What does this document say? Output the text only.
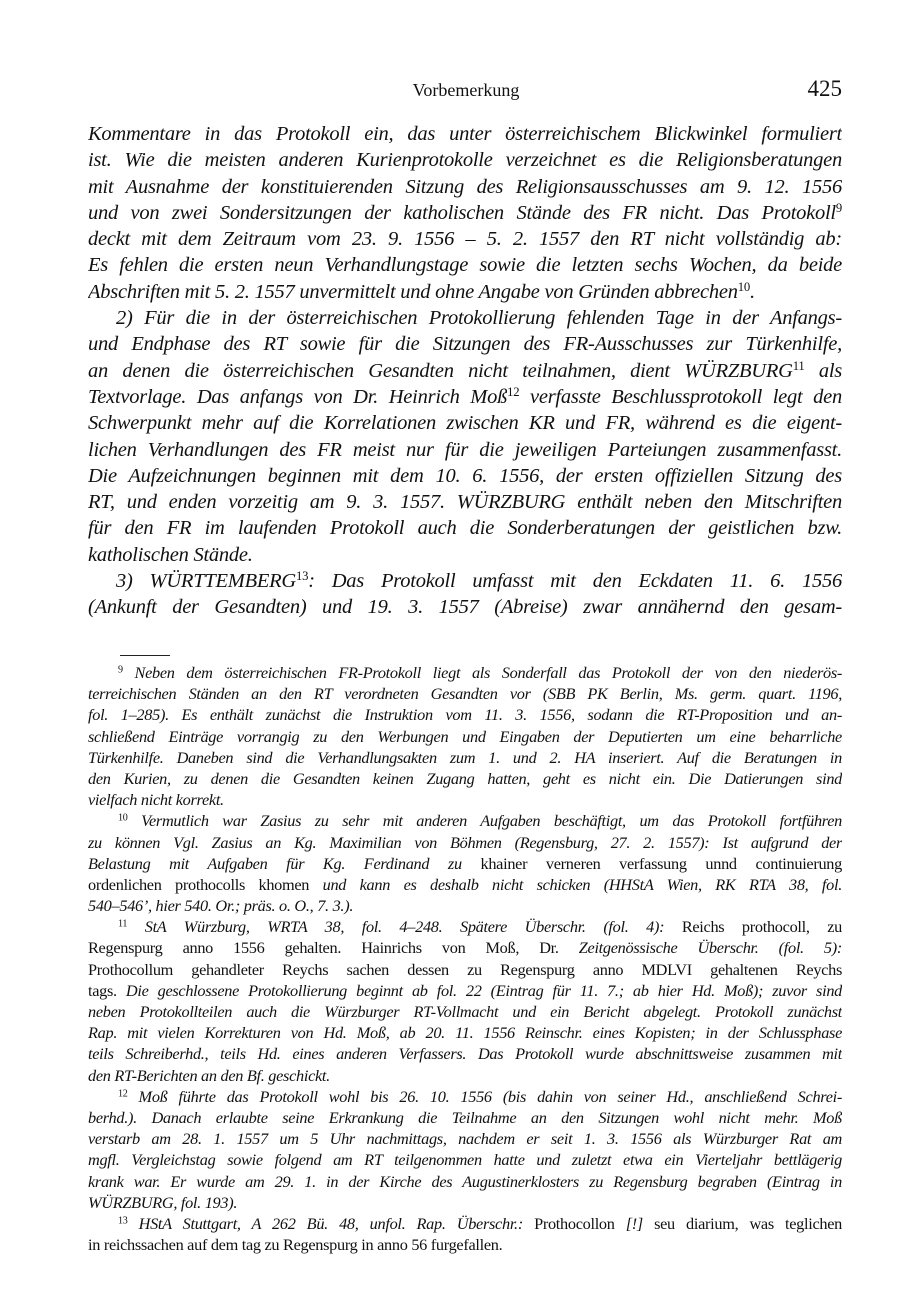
Vorbemerkung	425
Kommentare in das Protokoll ein, das unter österreichischem Blickwinkel formuliert
ist. Wie die meisten anderen Kurienprotokolle verzeichnet es die Religionsberatungen
mit Ausnahme der konstituierenden Sitzung des Religionsausschusses am 9. 12. 1556
und von zwei Sondersitzungen der katholischen Stände des FR nicht. Das Protokoll$^9$
deckt mit dem Zeitraum vom 23. 9. 1556 – 5. 2. 1557 den RT nicht vollständig ab:
Es fehlen die ersten neun Verhandlungstage sowie die letzten sechs Wochen, da beide
Abschriften mit 5. 2. 1557 unvermittelt und ohne Angabe von Gründen abbrechen$^{10}$.
2) Für die in der österreichischen Protokollierung fehlenden Tage in der Anfangs-
und Endphase des RT sowie für die Sitzungen des FR-Ausschusses zur Türkenhilfe,
an denen die österreichischen Gesandten nicht teilnahmen, dient WÜRZBURG$^{11}$ als
Textvorlage. Das anfangs von Dr. Heinrich Moß$^{12}$ verfasste Beschlussprotokoll legt den
Schwerpunkt mehr auf die Korrelationen zwischen KR und FR, während es die eigent-
lichen Verhandlungen des FR meist nur für die jeweiligen Parteiungen zusammenfasst.
Die Aufzeichnungen beginnen mit dem 10. 6. 1556, der ersten offiziellen Sitzung des
RT, und enden vorzeitig am 9. 3. 1557. WÜRZBURG enthält neben den Mitschriften
für den FR im laufenden Protokoll auch die Sonderberatungen der geistlichen bzw.
katholischen Stände.
3) WÜRTTEMBERG$^{13}$: Das Protokoll umfasst mit den Eckdaten 11. 6. 1556
(Ankunft der Gesandten) und 19. 3. 1557 (Abreise) zwar annähernd den gesam-
$^9$ Neben dem österreichischen FR-Protokoll liegt als Sonderfall das Protokoll der von den niederös-
terreichischen Ständen an den RT verordneten Gesandten vor (SBB PK Berlin, Ms. germ. quart. 1196,
fol. 1–285). Es enthält zunächst die Instruktion vom 11. 3. 1556, sodann die RT-Proposition und an-
schließend Einträge vorrangig zu den Werbungen und Eingaben der Deputierten um eine beharrliche
Türkenhilfe. Daneben sind die Verhandlungsakten zum 1. und 2. HA inseriert. Auf die Beratungen in
den Kurien, zu denen die Gesandten keinen Zugang hatten, geht es nicht ein. Die Datierungen sind
vielfach nicht korrekt.
$^{10}$ Vermutlich war Zasius zu sehr mit anderen Aufgaben beschäftigt, um das Protokoll fortführen
zu können Vgl. Zasius an Kg. Maximilian von Böhmen (Regensburg, 27. 2. 1557): Ist aufgrund der
Belastung mit Aufgaben für Kg. Ferdinand zu khainer verneren verfassung unnd continuierung
ordenlichen prothocolls khomen und kann es deshalb nicht schicken (HHStA Wien, RK RTA 38, fol.
540–546’, hier 540. Or.; präs. o. O., 7. 3.).
$^{11}$ StA Würzburg, WRTA 38, fol. 4–248. Spätere Überschr. (fol. 4): Reichs prothocoll, zu
Regenspurg anno 1556 gehalten. Hainrichs von Moß, Dr. Zeitgenössische Überschr. (fol. 5):
Prothocollum gehandleter Reychs sachen dessen zu Regenspurg anno MDLVI gehaltenen Reychs
tags. Die geschlossene Protokollierung beginnt ab fol. 22 (Eintrag für 11. 7.; ab hier Hd. Moß); zuvor sind
neben Protokollteilen auch die Würzburger RT-Vollmacht und ein Bericht abgelegt. Protokoll zunächst
Rap. mit vielen Korrekturen von Hd. Moß, ab 20. 11. 1556 Reinschr. eines Kopisten; in der Schlussphase
teils Schreiberhd., teils Hd. eines anderen Verfassers. Das Protokoll wurde abschnittsweise zusammen mit
den RT-Berichten an den Bf. geschickt.
$^{12}$ Moß führte das Protokoll wohl bis 26. 10. 1556 (bis dahin von seiner Hd., anschließend Schrei-
berhd.). Danach erlaubte seine Erkrankung die Teilnahme an den Sitzungen wohl nicht mehr. Moß
verstarb am 28. 1. 1557 um 5 Uhr nachmittags, nachdem er seit 1. 3. 1556 als Würzburger Rat am
mgfl. Vergleichstag sowie folgend am RT teilgenommen hatte und zuletzt etwa ein Vierteljahr bettlägerig
krank war. Er wurde am 29. 1. in der Kirche des Augustinerklosters zu Regensburg begraben (Eintrag in
WÜRZBURG, fol. 193).
$^{13}$ HStA Stuttgart, A 262 Bü. 48, unfol. Rap. Überschr.: Prothocollon [!] seu diarium, was teglichen
in reichssachen auf dem tag zu Regenspurg in anno 56 furgefallen.
